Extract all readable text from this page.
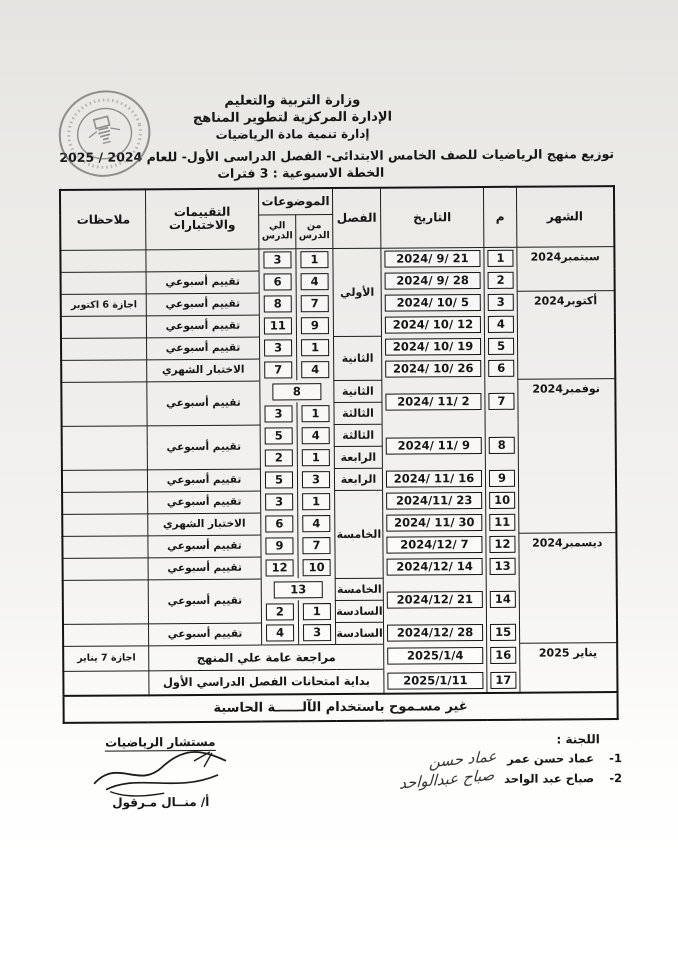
وزارة التربية والتعليم
الإدارة المركزية لتطوير المناهج
إدارة تنمية مادة الرياضيات
توزيع منهج الرياضيات للصف الخامس الابتدائى- الفصل الدراسى الأول- للعام 2024 / 2025
الخطة الاسبوعية : 3 فترات
الشهر	م	التاريخ	الفصل	الموضوعات		التقييمات والاختبارات	ملاحظات
				من الدرس	الي الدرس		
سبتمبر2024	1	2024/ 9/ 21	الأولي	1	3		

	2	2024/ 9/ 28		4	6	تقييم أسبوعي	
أكتوبر2024	3	2024/ 10/ 5		7	8	تقييم أسبوعي	اجازة 6 اكتوبر

	4	2024/ 10/ 12		9	11	تقييم أسبوعي	

	5	2024/ 10/ 19	الثانية	1	3	تقييم أسبوعي	

	6	2024/ 10/ 26		4	7	الاختبار الشهري	
نوفمبر2024	7	2024/ 11/ 2	الثانية	8		تقييم أسبوعي	
			الثالثة	1	3		

	8	2024/ 11/ 9	الثالثة	4	5	تقييم أسبوعي	
			الرابعة	1	2		

	9	2024/ 11/ 16	الرابعة	3	5	تقييم أسبوعي	

	10	2024/11/ 23	الخامسة	1	3	تقييم أسبوعي	

	11	2024/ 11/ 30		4	6	الاختبار الشهري	
ديسمبر2024	12	2024/12/ 7		7	9	تقييم أسبوعي	

	13	2024/12/ 14		10	12	تقييم أسبوعي	

	14	2024/12/ 21	الخامسة	13		تقييم أسبوعي	
			السادسة	1	2		

	15	2024/12/ 28	السادسة	3	4	تقييم أسبوعي	
يناير 2025	16	2025/1/4	مراجعة عامة علي المنهج				اجازة 7 يناير

	17	2025/1/11	بداية امتحانات الفصل الدراسي الأول				
غير مسـموح باستخدام الآلــــــة الحاسبة							
اللجنة :
1-
عماد حسن عمر
عماد حسن
2-
صباح عبد الواحد
صباح عبدالواحد
مستشار الرياضيات
أ/ منــال مـرقول
